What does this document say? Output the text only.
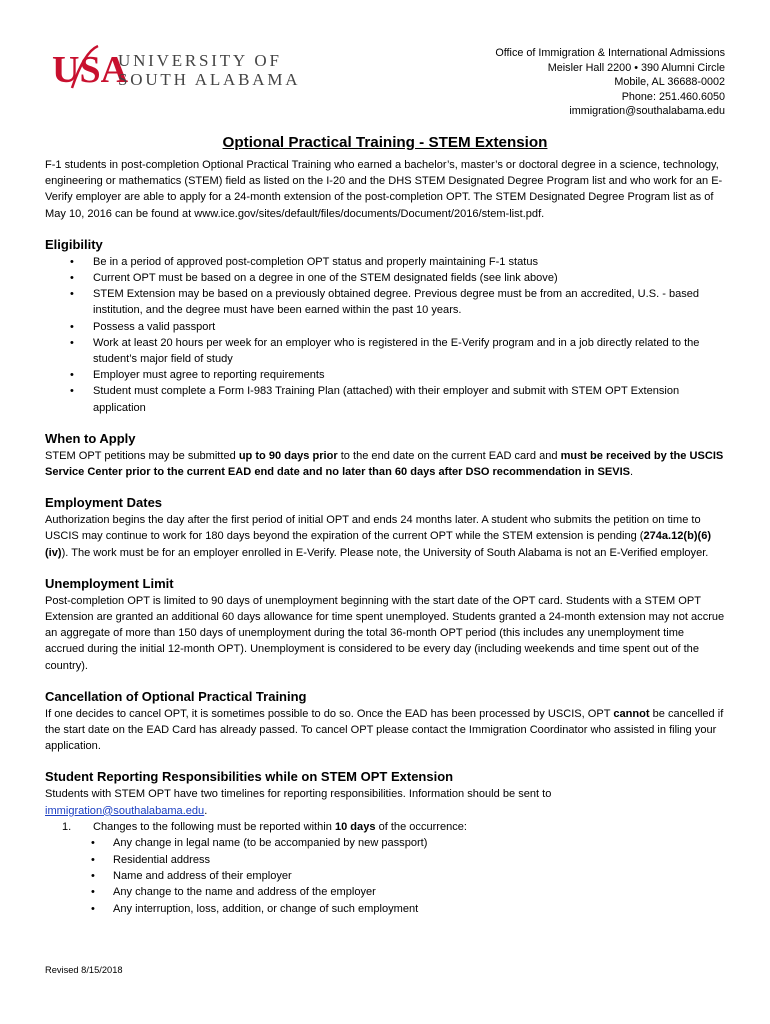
USA
UNIVERSITY OF
SOUTH ALABAMA
Office of Immigration & International Admissions
Meisler Hall 2200 • 390 Alumni Circle
Mobile, AL 36688-0002
Phone: 251.460.6050
immigration@southalabama.edu
Optional Practical Training - STEM Extension

F-1 students in post-completion Optional Practical Training who earned a bachelor’s, master’s or doctoral degree in a science, technology, engineering or mathematics (STEM) field as listed on the I-20 and the DHS STEM Designated Degree Program list and who work for an E-Verify employer are able to apply for a 24-month extension of the post-completion OPT. The STEM Designated Degree Program list as of May 10, 2016 can be found at www.ice.gov/sites/default/files/documents/Document/2016/stem-list.pdf.

Eligibility
• Be in a period of approved post-completion OPT status and properly maintaining F-1 status
• Current OPT must be based on a degree in one of the STEM designated fields (see link above)
• STEM Extension may be based on a previously obtained degree. Previous degree must be from an accredited, U.S. - based institution, and the degree must have been earned within the past 10 years.
• Possess a valid passport
• Work at least 20 hours per week for an employer who is registered in the E-Verify program and in a job directly related to the student’s major field of study
• Employer must agree to reporting requirements
• Student must complete a Form I-983 Training Plan (attached) with their employer and submit with STEM OPT Extension application
When to Apply

STEM OPT petitions may be submitted up to 90 days prior to the end date on the current EAD card and must be received by the USCIS Service Center prior to the current EAD end date and no later than 60 days after DSO recommendation in SEVIS.

Employment Dates

Authorization begins the day after the first period of initial OPT and ends 24 months later. A student who submits the petition on time to USCIS may continue to work for 180 days beyond the expiration of the current OPT while the STEM extension is pending (274a.12(b)(6)(iv)). The work must be for an employer enrolled in E-Verify. Please note, the University of South Alabama is not an E-Verified employer.

Unemployment Limit

Post-completion OPT is limited to 90 days of unemployment beginning with the start date of the OPT card. Students with a STEM OPT Extension are granted an additional 60 days allowance for time spent unemployed. Students granted a 24-month extension may not accrue an aggregate of more than 150 days of unemployment during the total 36-month OPT period (this includes any unemployment time accrued during the initial 12-month OPT). Unemployment is considered to be every day (including weekends and time spent out of the country).

Cancellation of Optional Practical Training

If one decides to cancel OPT, it is sometimes possible to do so. Once the EAD has been processed by USCIS, OPT cannot be cancelled if the start date on the EAD Card has already passed. To cancel OPT please contact the Immigration Coordinator who assisted in filing your application.

Student Reporting Responsibilities while on STEM OPT Extension

Students with STEM OPT have two timelines for reporting responsibilities. Information should be sent to
immigration@southalabama.edu.

1. Changes to the following must be reported within 10 days of the occurrence:
• Any change in legal name (to be accompanied by new passport)
• Residential address
• Name and address of their employer
• Any change to the name and address of the employer
• Any interruption, loss, addition, or change of such employment
Revised 8/15/2018
